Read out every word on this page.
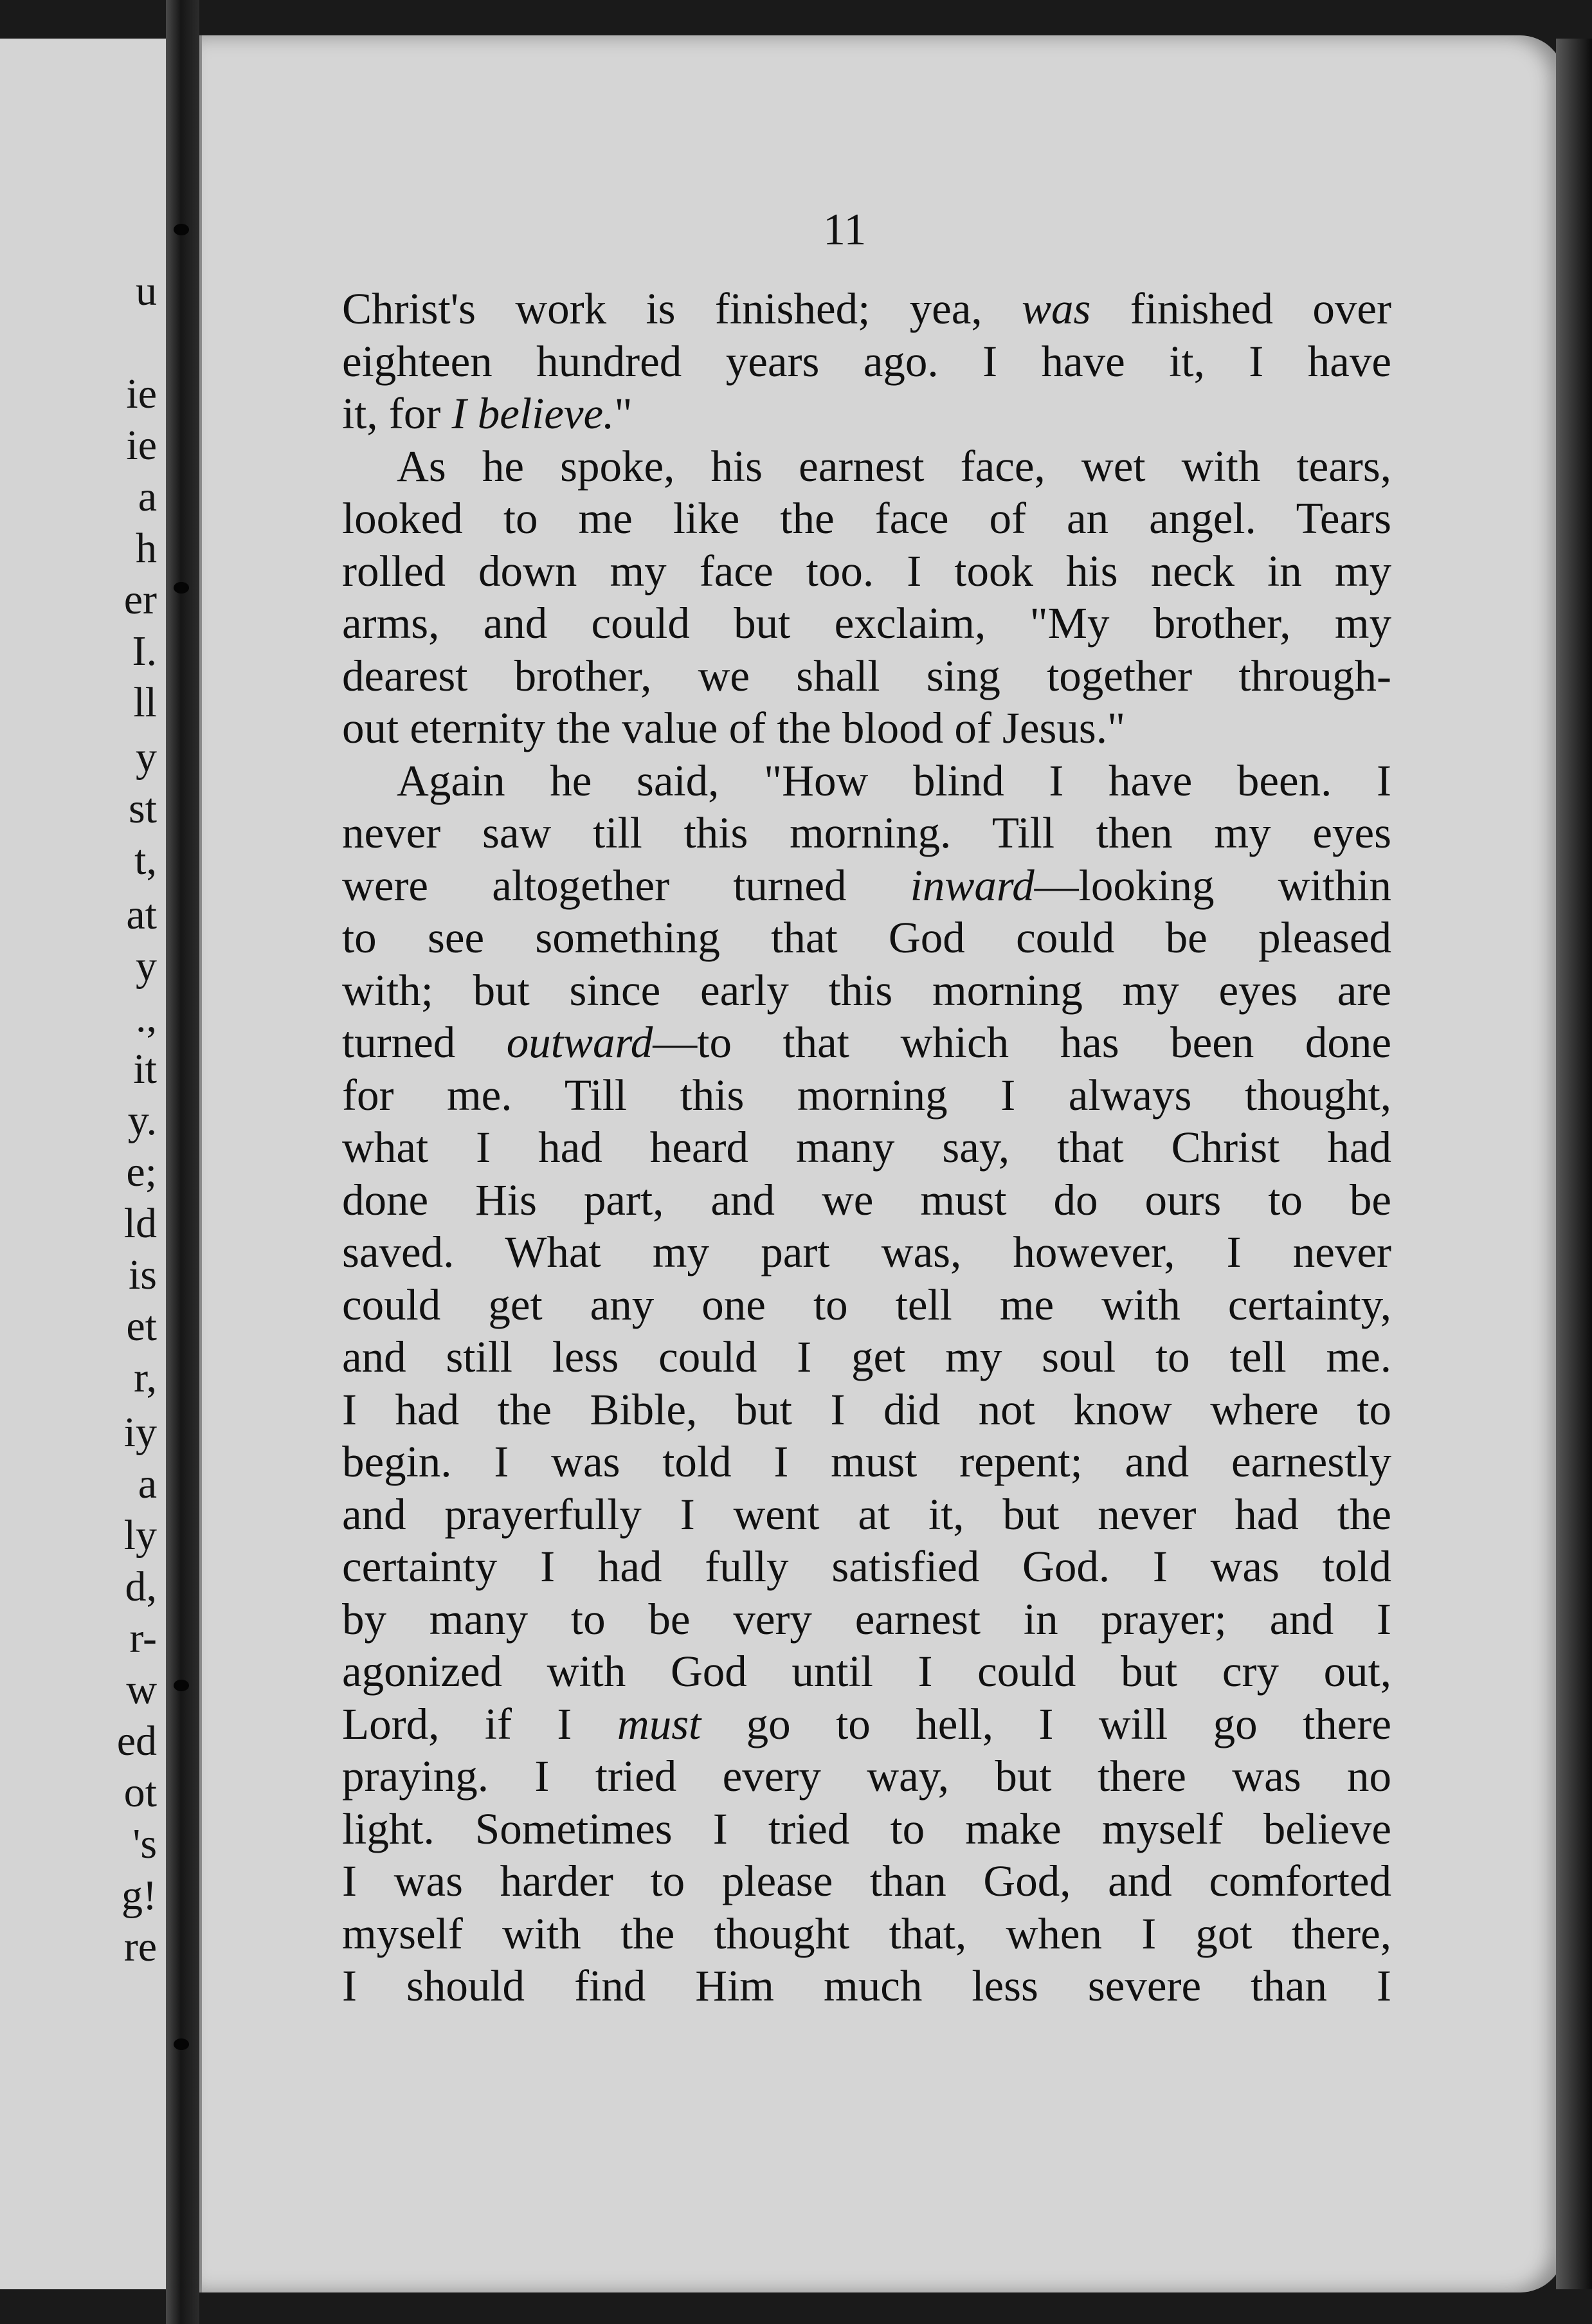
u
ie
ie
a
h
er
I.
ll
y
st
t,
at
y
.,
it
y.
e;
ld
is
et
r,
iy
a
ly
d,
r-
w
ed
ot
's
g!
re
11
Christ's work is finished; yea, was finished over
eighteen hundred years ago. I have it, I have
it, for I believe."
As he spoke, his earnest face, wet with tears,
looked to me like the face of an angel. Tears
rolled down my face too. I took his neck in my
arms, and could but exclaim, "My brother, my
dearest brother, we shall sing together through-
out eternity the value of the blood of Jesus."
Again he said, "How blind I have been. I
never saw till this morning. Till then my eyes
were altogether turned inward—looking within
to see something that God could be pleased
with; but since early this morning my eyes are
turned outward—to that which has been done
for me. Till this morning I always thought,
what I had heard many say, that Christ had
done His part, and we must do ours to be
saved. What my part was, however, I never
could get any one to tell me with certainty,
and still less could I get my soul to tell me.
I had the Bible, but I did not know where to
begin. I was told I must repent; and earnestly
and prayerfully I went at it, but never had the
certainty I had fully satisfied God. I was told
by many to be very earnest in prayer; and I
agonized with God until I could but cry out,
Lord, if I must go to hell, I will go there
praying. I tried every way, but there was no
light. Sometimes I tried to make myself believe
I was harder to please than God, and comforted
myself with the thought that, when I got there,
I should find Him much less severe than I
